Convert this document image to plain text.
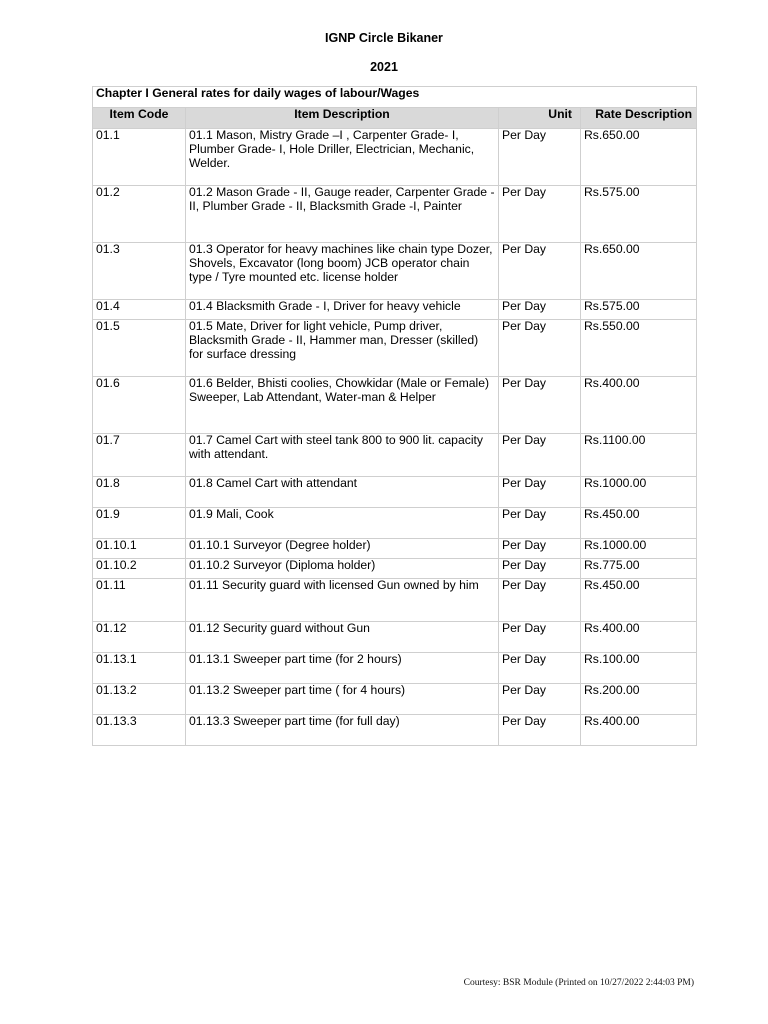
IGNP Circle Bikaner
2021
Chapter I General rates for daily wages of labour/Wages			
Item Code	Item Description	Unit	Rate Description
01.1	01.1 Mason, Mistry Grade –I , Carpenter Grade- I, Plumber Grade- I, Hole Driller, Electrician, Mechanic, Welder.	Per Day	Rs.650.00
01.2	01.2 Mason Grade - II, Gauge reader, Carpenter Grade -II, Plumber Grade - II, Blacksmith Grade -I, Painter	Per Day	Rs.575.00
01.3	01.3 Operator for heavy machines like chain type Dozer, Shovels, Excavator (long boom) JCB operator chain type / Tyre mounted etc. license holder	Per Day	Rs.650.00
01.4	01.4 Blacksmith Grade - I, Driver for heavy vehicle	Per Day	Rs.575.00
01.5	01.5 Mate, Driver for light vehicle, Pump driver, Blacksmith Grade - II, Hammer man, Dresser (skilled) for surface dressing	Per Day	Rs.550.00
01.6	01.6 Belder, Bhisti coolies, Chowkidar (Male or Female) Sweeper, Lab Attendant, Water-man & Helper	Per Day	Rs.400.00
01.7	01.7 Camel Cart with steel tank 800 to 900 lit. capacity with attendant.	Per Day	Rs.1100.00
01.8	01.8 Camel Cart with attendant	Per Day	Rs.1000.00
01.9	01.9 Mali, Cook	Per Day	Rs.450.00
01.10.1	01.10.1 Surveyor (Degree holder)	Per Day	Rs.1000.00
01.10.2	01.10.2 Surveyor (Diploma holder)	Per Day	Rs.775.00
01.11	01.11 Security guard with licensed Gun owned by him	Per Day	Rs.450.00
01.12	01.12 Security guard without Gun	Per Day	Rs.400.00
01.13.1	01.13.1 Sweeper part time (for 2 hours)	Per Day	Rs.100.00
01.13.2	01.13.2 Sweeper part time ( for 4 hours)	Per Day	Rs.200.00
01.13.3	01.13.3 Sweeper part time (for full day)	Per Day	Rs.400.00
Courtesy: BSR Module (Printed on 10/27/2022 2:44:03 PM)
